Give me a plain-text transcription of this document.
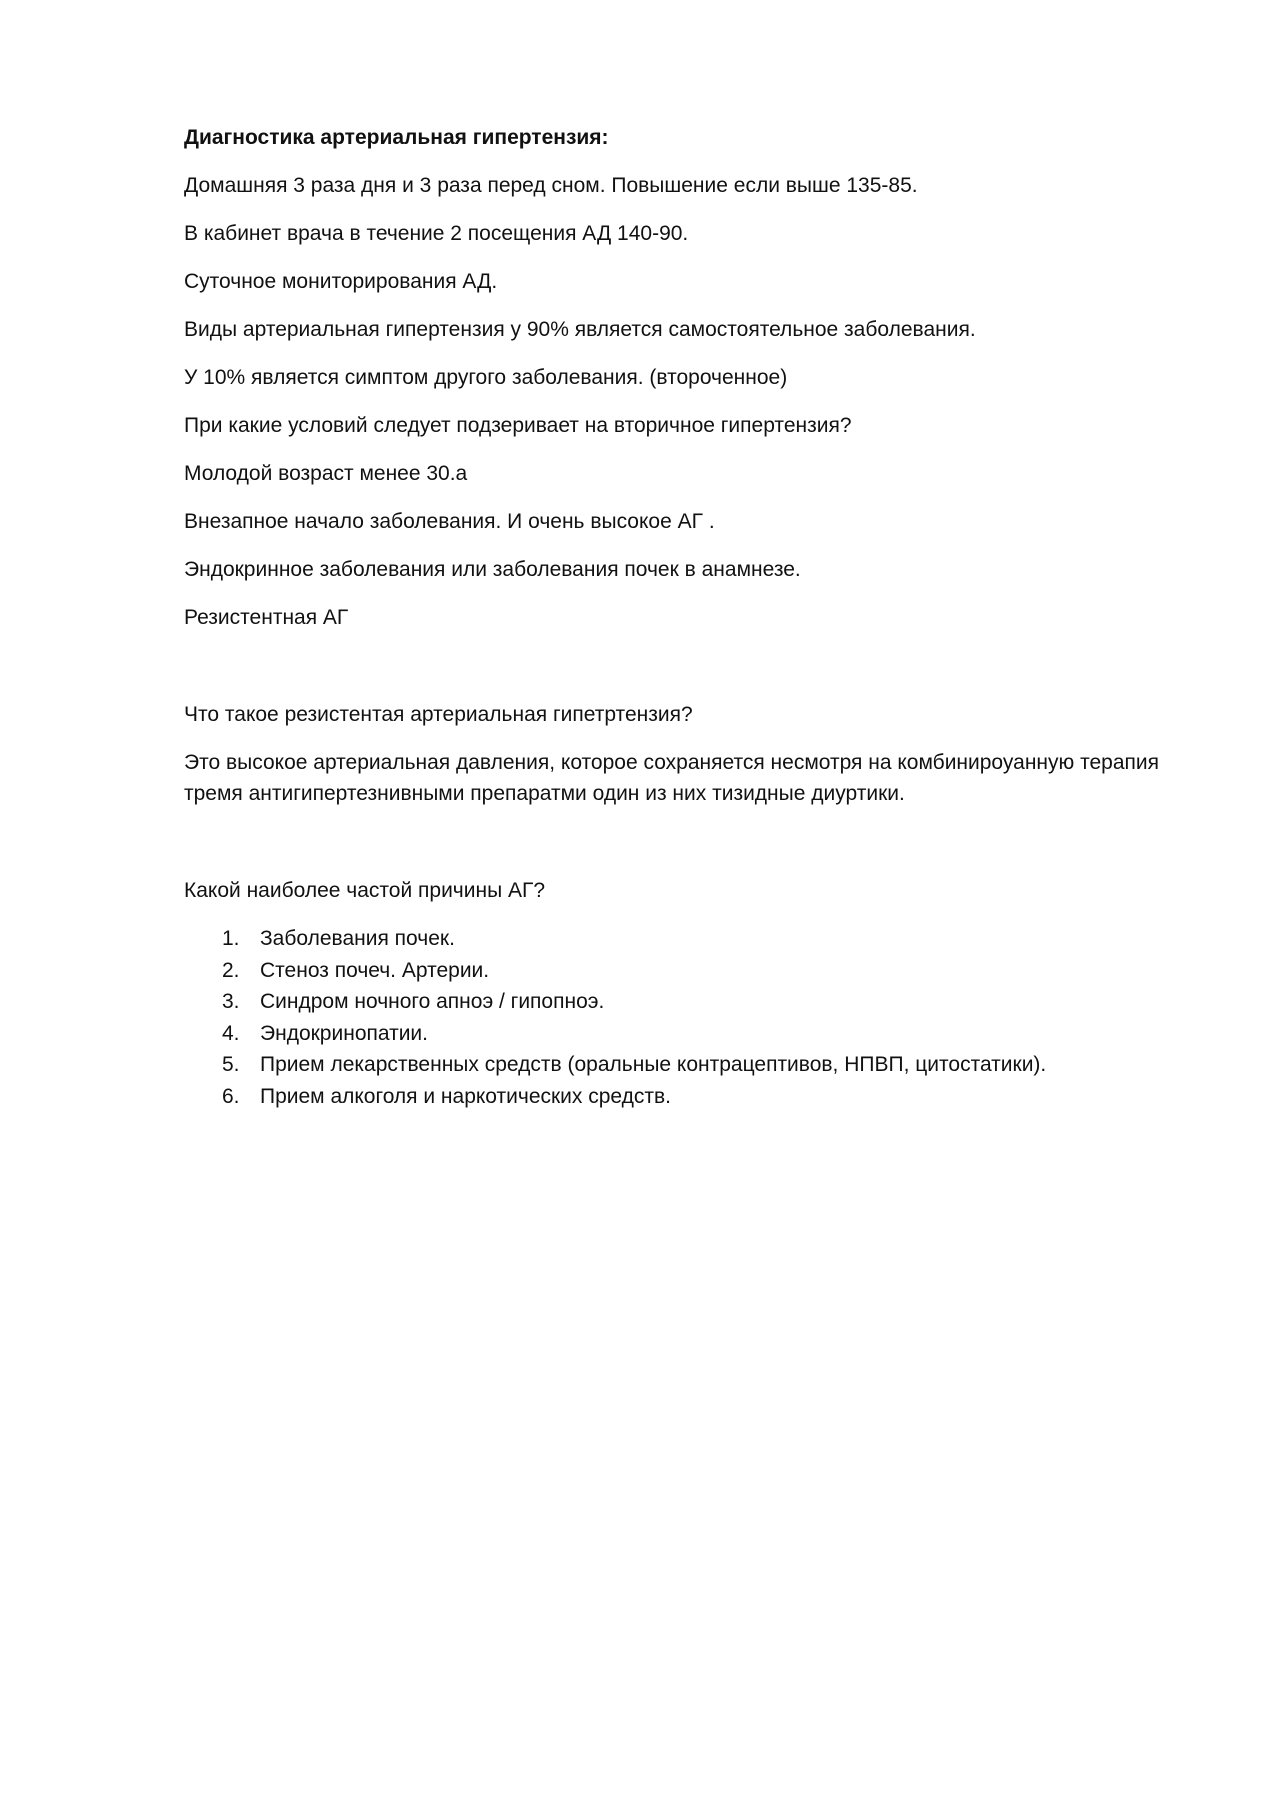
Диагностика артериальная гипертензия:

Домашняя 3 раза дня и 3 раза перед сном. Повышение если выше 135-85.

В кабинет врача в течение 2 посещения АД 140-90.

Суточное мониторирования АД.

Виды артериальная гипертензия у 90% является самостоятельное заболевания.

У 10% является симптом другого заболевания. (второченное)

При какие условий следует подзеривает на вторичное гипертензия?

Молодой возраст менее 30.а

Внезапное начало заболевания. И очень высокое АГ .

Эндокринное заболевания или заболевания почек в анамнезе.

Резистентная АГ

Что такое резистентая артериальная гипетртензия?

Это высокое артериальная давления, которое сохраняется несмотря на комбинироуанную терапия тремя антигипертезнивными препаратми один из них тизидные диуртики.

Какой наиболее частой причины АГ?

1. Заболевания почек.
2. Стеноз почеч. Артерии.
3. Синдром ночного апноэ / гипопноэ.
4. Эндокринопатии.
5. Прием лекарственных средств (оральные контрацептивов, НПВП, цитостатики).
6. Прием алкоголя и наркотических средств.
